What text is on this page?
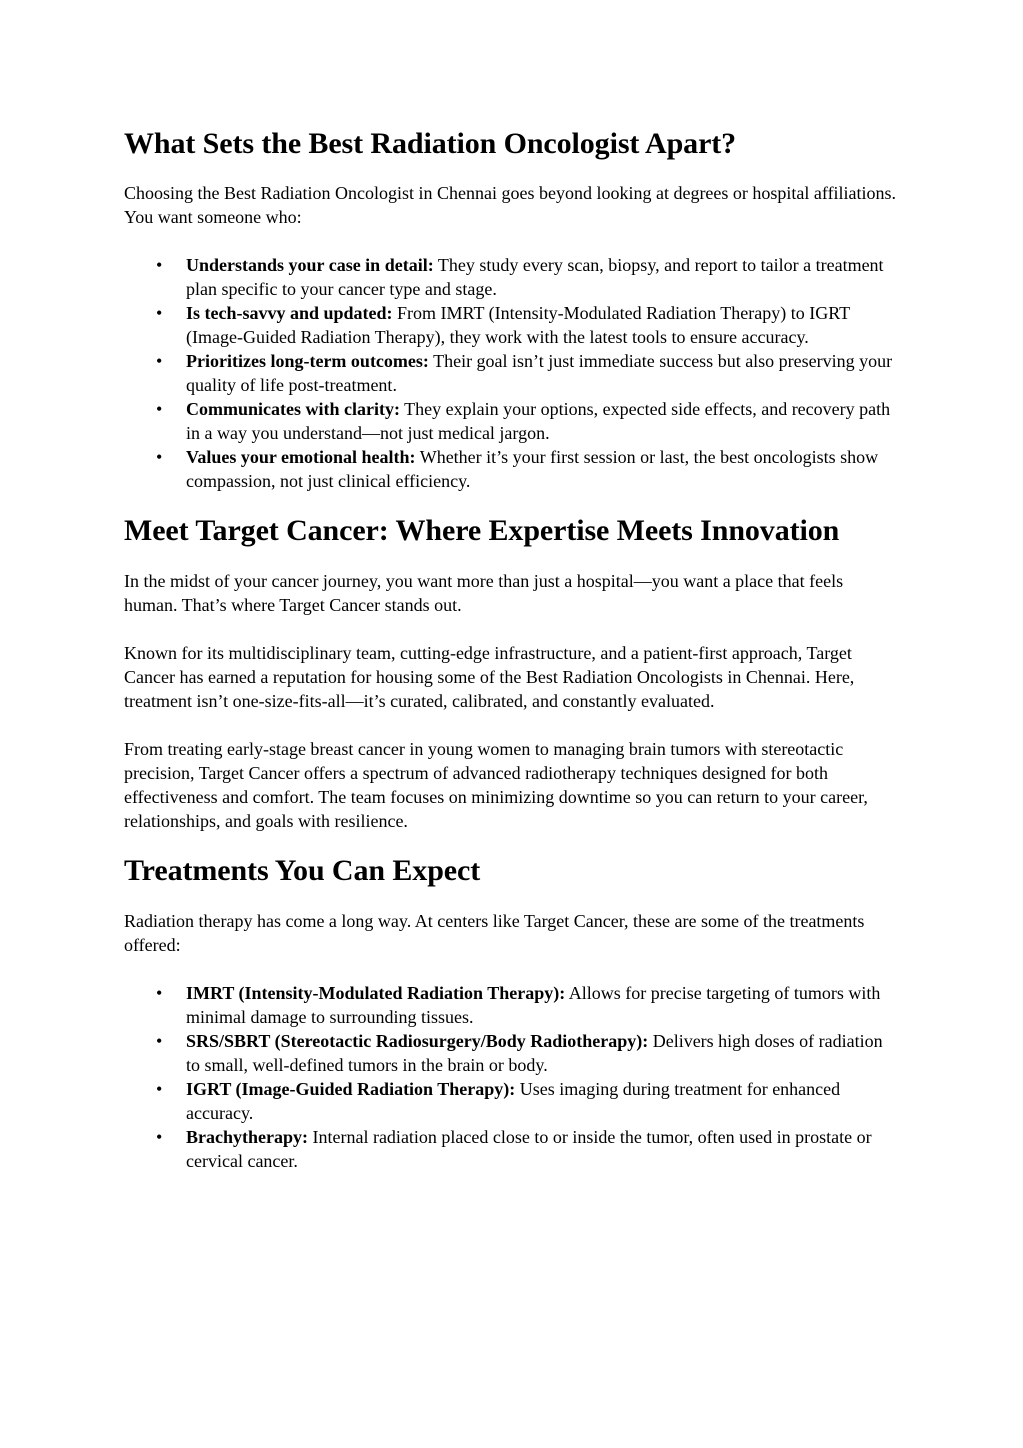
What Sets the Best Radiation Oncologist Apart?

Choosing the Best Radiation Oncologist in Chennai goes beyond looking at degrees or hospital affiliations. You want someone who:

• Understands your case in detail: They study every scan, biopsy, and report to tailor a treatment plan specific to your cancer type and stage.
• Is tech-savvy and updated: From IMRT (Intensity-Modulated Radiation Therapy) to IGRT (Image-Guided Radiation Therapy), they work with the latest tools to ensure accuracy.
• Prioritizes long-term outcomes: Their goal isn’t just immediate success but also preserving your quality of life post-treatment.
• Communicates with clarity: They explain your options, expected side effects, and recovery path in a way you understand—not just medical jargon.
• Values your emotional health: Whether it’s your first session or last, the best oncologists show compassion, not just clinical efficiency.
Meet Target Cancer: Where Expertise Meets Innovation

In the midst of your cancer journey, you want more than just a hospital—you want a place that feels human. That’s where Target Cancer stands out.

Known for its multidisciplinary team, cutting-edge infrastructure, and a patient-first approach, Target Cancer has earned a reputation for housing some of the Best Radiation Oncologists in Chennai. Here, treatment isn’t one-size-fits-all—it’s curated, calibrated, and constantly evaluated.

From treating early-stage breast cancer in young women to managing brain tumors with stereotactic precision, Target Cancer offers a spectrum of advanced radiotherapy techniques designed for both effectiveness and comfort. The team focuses on minimizing downtime so you can return to your career, relationships, and goals with resilience.

Treatments You Can Expect

Radiation therapy has come a long way. At centers like Target Cancer, these are some of the treatments offered:

• IMRT (Intensity-Modulated Radiation Therapy): Allows for precise targeting of tumors with minimal damage to surrounding tissues.
• SRS/SBRT (Stereotactic Radiosurgery/Body Radiotherapy): Delivers high doses of radiation to small, well-defined tumors in the brain or body.
• IGRT (Image-Guided Radiation Therapy): Uses imaging during treatment for enhanced accuracy.
• Brachytherapy: Internal radiation placed close to or inside the tumor, often used in prostate or cervical cancer.
